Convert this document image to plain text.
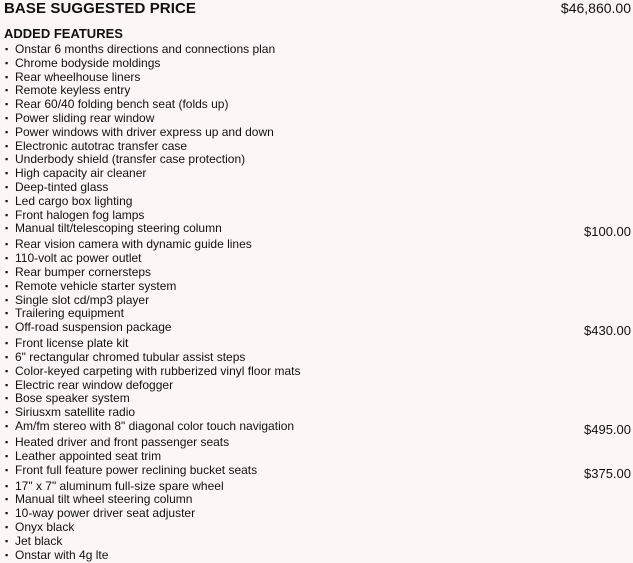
BASE SUGGESTED PRICE	$46,860.00
ADDED FEATURES
▪ Onstar 6 months directions and connections plan
▪ Chrome bodyside moldings
▪ Rear wheelhouse liners
▪ Remote keyless entry
▪ Rear 60/40 folding bench seat (folds up)
▪ Power sliding rear window
▪ Power windows with driver express up and down
▪ Electronic autotrac transfer case
▪ Underbody shield (transfer case protection)
▪ High capacity air cleaner
▪ Deep-tinted glass
▪ Led cargo box lighting
▪ Front halogen fog lamps
▪ Manual tilt/telescoping steering column	$100.00
▪ Rear vision camera with dynamic guide lines
▪ 110-volt ac power outlet
▪ Rear bumper cornersteps
▪ Remote vehicle starter system
▪ Single slot cd/mp3 player
▪ Trailering equipment
▪ Off-road suspension package	$430.00
▪ Front license plate kit
▪ 6" rectangular chromed tubular assist steps
▪ Color-keyed carpeting with rubberized vinyl floor mats
▪ Electric rear window defogger
▪ Bose speaker system
▪ Siriusxm satellite radio
▪ Am/fm stereo with 8" diagonal color touch navigation	$495.00
▪ Heated driver and front passenger seats
▪ Leather appointed seat trim
▪ Front full feature power reclining bucket seats	$375.00
▪ 17" x 7" aluminum full-size spare wheel
▪ Manual tilt wheel steering column
▪ 10-way power driver seat adjuster
▪ Onyx black
▪ Jet black
▪ Onstar with 4g lte
